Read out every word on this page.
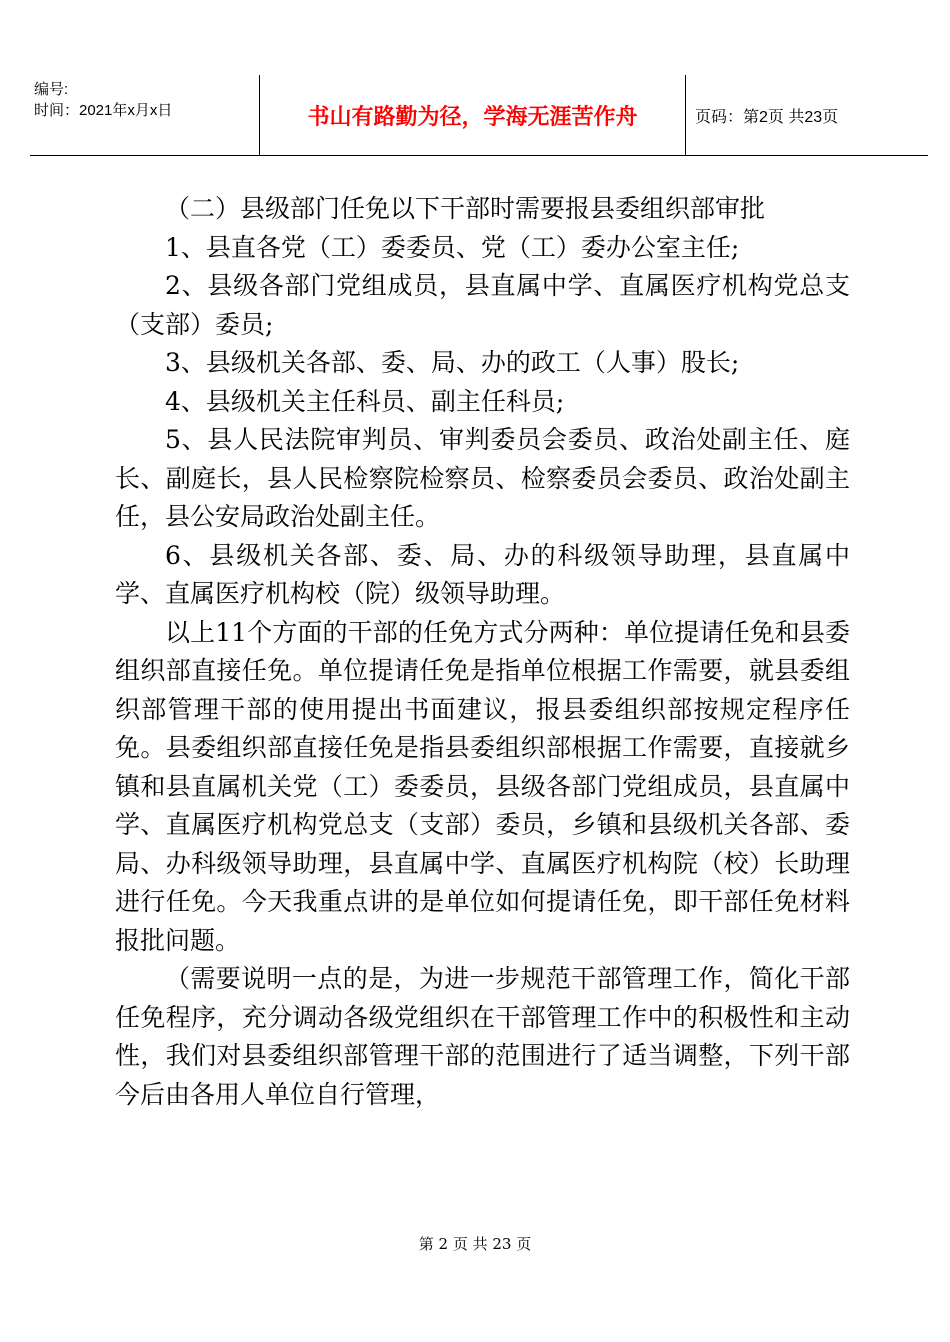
编号:
时间：2021年x月x日	书山有路勤为径，学海无涯苦作舟	页码：第2页 共23页

（二）县级部门任免以下干部时需要报县委组织部审批

1、县直各党（工）委委员、党（工）委办公室主任;

2、县级各部门党组成员，县直属中学、直属医疗机构党总支（支部）委员;

3、县级机关各部、委、局、办的政工（人事）股长;

4、县级机关主任科员、副主任科员;

5、县人民法院审判员、审判委员会委员、政治处副主任、庭长、副庭长，县人民检察院检察员、检察委员会委员、政治处副主任，县公安局政治处副主任。

6、县级机关各部、委、局、办的科级领导助理，县直属中学、直属医疗机构校（院）级领导助理。

以上11个方面的干部的任免方式分两种：单位提请任免和县委组织部直接任免。单位提请任免是指单位根据工作需要，就县委组织部管理干部的使用提出书面建议，报县委组织部按规定程序任免。县委组织部直接任免是指县委组织部根据工作需要，直接就乡镇和县直属机关党（工）委委员，县级各部门党组成员，县直属中学、直属医疗机构党总支（支部）委员，乡镇和县级机关各部、委局、办科级领导助理，县直属中学、直属医疗机构院（校）长助理进行任免。今天我重点讲的是单位如何提请任免，即干部任免材料报批问题。

（需要说明一点的是，为进一步规范干部管理工作，简化干部任免程序，充分调动各级党组织在干部管理工作中的积极性和主动性，我们对县委组织部管理干部的范围进行了适当调整，下列干部今后由各用人单位自行管理，

第 2 页 共 23 页
